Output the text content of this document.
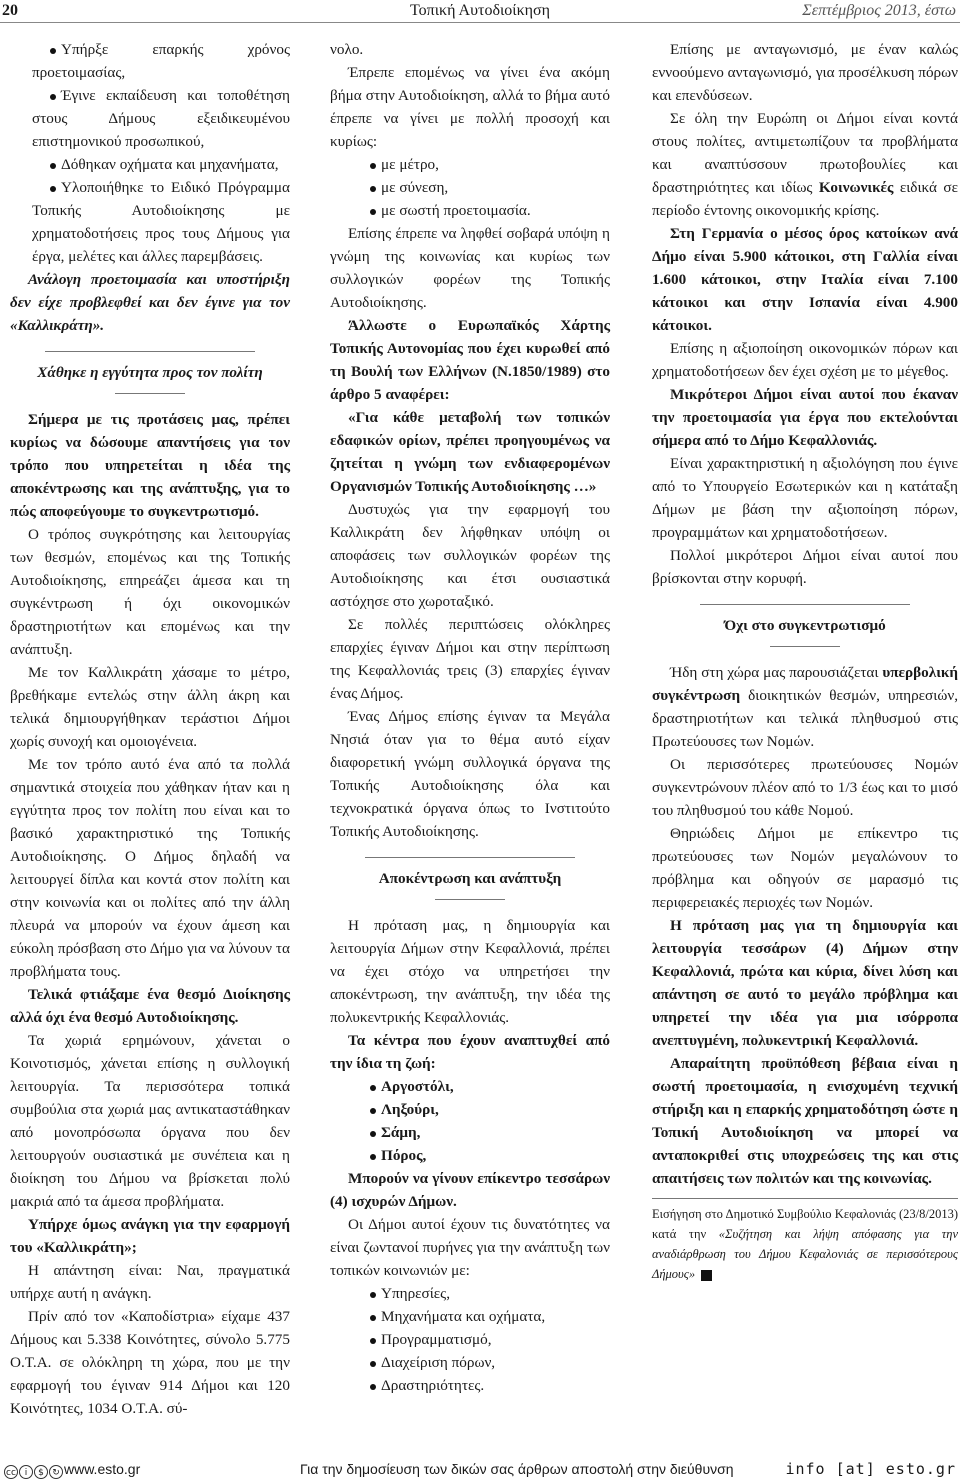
20	Τοπική Αυτοδιοίκηση	Σεπτέμβριος 2013, έστω

Υπήρξε επαρκής χρόνος προετοιμασίας,

Έγινε εκπαίδευση και τοποθέτηση στους Δήμους εξειδικευμένου επιστημονικού προσωπικού,

Δόθηκαν οχήματα και μηχανήματα,

Υλοποιήθηκε το Ειδικό Πρόγραμμα Τοπικής Αυτοδιοίκησης με χρηματοδοτήσεις προς τους Δήμους για έργα, μελέτες και άλλες παρεμβάσεις.

Ανάλογη προετοιμασία και υποστήριξη δεν είχε προβλεφθεί και δεν έγινε για τον «Καλλικράτη».

Χάθηκε η εγγύτητα προς τον πολίτη

Σήμερα με τις προτάσεις μας, πρέπει κυρίως να δώσουμε απαντήσεις για τον τρόπο που υπηρετείται η ιδέα της αποκέντρωσης και της ανάπτυξης, για το πώς αποφεύγουμε το συγκεντρωτισμό.

Ο τρόπος συγκρότησης και λειτουργίας των θεσμών, επομένως και της Τοπικής Αυτοδιοίκησης, επηρεάζει άμεσα και τη συγκέντρωση ή όχι οικονομικών δραστηριοτήτων και επομένως και την ανάπτυξη.

Με τον Καλλικράτη χάσαμε το μέτρο, βρεθήκαμε εντελώς στην άλλη άκρη και τελικά δημιουργήθηκαν τεράστιοι Δήμοι χωρίς συνοχή και ομοιογένεια.

Με τον τρόπο αυτό ένα από τα πολλά σημαντικά στοιχεία που χάθηκαν ήταν και η εγγύτητα προς τον πολίτη που είναι και το βασικό χαρακτηριστικό της Τοπικής Αυτοδιοίκησης. Ο Δήμος δηλαδή να λειτουργεί δίπλα και κοντά στον πολίτη και στην κοινωνία και οι πολίτες από την άλλη πλευρά να μπορούν να έχουν άμεση και εύκολη πρόσβαση στο Δήμο για να λύνουν τα προβλήματα τους.

Τελικά φτιάξαμε ένα θεσμό Διοίκησης αλλά όχι ένα θεσμό Αυτοδιοίκησης.

Τα χωριά ερημώνουν, χάνεται ο Κοινοτισμός, χάνεται επίσης η συλλογική λειτουργία. Τα περισσότερα τοπικά συμβούλια στα χωριά μας αντικαταστάθηκαν από μονοπρόσωπα όργανα που δεν λειτουργούν ουσιαστικά με συνέπεια και η διοίκηση του Δήμου να βρίσκεται πολύ μακριά από τα άμεσα προβλήματα.

Υπήρχε όμως ανάγκη για την εφαρμογή του «Καλλικράτη»;

Η απάντηση είναι: Ναι, πραγματικά υπήρχε αυτή η ανάγκη.

Πρίν από τον «Καποδίστρια» είχαμε 437 Δήμους και 5.338 Κοινότητες, σύνολο 5.775 Ο.Τ.Α. σε ολόκληρη τη χώρα, που με την εφαρμογή του έγιναν 914 Δήμοι και 120 Κοινότητες, 1034 Ο.Τ.Α. σύ-

νολο.

Έπρεπε επομένως να γίνει ένα ακόμη βήμα στην Αυτοδιοίκηση, αλλά το βήμα αυτό έπρεπε να γίνει με πολλή προσοχή και κυρίως:

με μέτρο,

με σύνεση,

με σωστή προετοιμασία.

Επίσης έπρεπε να ληφθεί σοβαρά υπόψη η γνώμη της κοινωνίας και κυρίως των συλλογικών φορέων της Τοπικής Αυτοδιοίκησης.

Άλλωστε ο Ευρωπαϊκός Χάρτης Τοπικής Αυτονομίας που έχει κυρωθεί από τη Βουλή των Ελλήνων (Ν.1850/1989) στο άρθρο 5 αναφέρει:

«Για κάθε μεταβολή των τοπικών εδαφικών ορίων, πρέπει προηγουμένως να ζητείται η γνώμη των ενδιαφερομένων Οργανισμών Τοπικής Αυτοδιοίκησης …»

Δυστυχώς για την εφαρμογή του Καλλικράτη δεν λήφθηκαν υπόψη οι αποφάσεις των συλλογικών φορέων της Αυτοδιοίκησης και έτσι ουσιαστικά αστόχησε στο χωροταξικό.

Σε πολλές περιπτώσεις ολόκληρες επαρχίες έγιναν Δήμοι και στην περίπτωση της Κεφαλλονιάς τρεις (3) επαρχίες έγιναν ένας Δήμος.

Ένας Δήμος επίσης έγιναν τα Μεγάλα Νησιά όταν για το θέμα αυτό είχαν διαφορετική γνώμη συλλογικά όργανα της Τοπικής Αυτοδιοίκησης όλα και τεχνοκρατικά όργανα όπως το Ινστιτούτο Τοπικής Αυτοδιοίκησης.

Αποκέντρωση και ανάπτυξη

Η πρόταση μας, η δημιουργία και λειτουργία Δήμων στην Κεφαλλονιά, πρέπει να έχει στόχο να υπηρετήσει την αποκέντρωση, την ανάπτυξη, την ιδέα της πολυκεντρικής Κεφαλλονιάς.

Τα κέντρα που έχουν αναπτυχθεί από την ίδια τη ζωή:

Αργοστόλι,

Ληξούρι,

Σάμη,

Πόρος,

Μπορούν να γίνουν επίκεντρο τεσσάρων (4) ισχυρών Δήμων.

Οι Δήμοι αυτοί έχουν τις δυνατότητες να είναι ζωντανοί πυρήνες για την ανάπτυξη των τοπικών κοινωνιών με:

Υπηρεσίες,

Μηχανήματα και οχήματα,

Προγραμματισμό,

Διαχείριση πόρων,

Δραστηριότητες.

Επίσης με ανταγωνισμό, με έναν καλώς εννοούμενο ανταγωνισμό, για προσέλκυση πόρων και επενδύσεων.

Σε όλη την Ευρώπη οι Δήμοι είναι κοντά στους πολίτες, αντιμετωπίζουν τα προβλήματα και αναπτύσσουν πρωτοβουλίες και δραστηριότητες και ιδίως Κοινωνικές ειδικά σε περίοδο έντονης οικονομικής κρίσης.

Στη Γερμανία ο μέσος όρος κατοίκων ανά Δήμο είναι 5.900 κάτοικοι, στη Γαλλία είναι 1.600 κάτοικοι, στην Ιταλία είναι 7.100 κάτοικοι και στην Ισπανία είναι 4.900 κάτοικοι.

Επίσης η αξιοποίηση οικονομικών πόρων και χρηματοδοτήσεων δεν έχει σχέση με το μέγεθος.

Μικρότεροι Δήμοι είναι αυτοί που έκαναν την προετοιμασία για έργα που εκτελούνται σήμερα από το Δήμο Κεφαλλονιάς.

Είναι χαρακτηριστική η αξιολόγηση που έγινε από το Υπουργείο Εσωτερικών και η κατάταξη Δήμων με βάση την αξιοποίηση πόρων, προγραμμάτων και χρηματοδοτήσεων.

Πολλοί μικρότεροι Δήμοι είναι αυτοί που βρίσκονται στην κορυφή.

Όχι στο συγκεντρωτισμό

Ήδη στη χώρα μας παρουσιάζεται υπερβολική συγκέντρωση διοικητικών θεσμών, υπηρεσιών, δραστηριοτήτων και τελικά πληθυσμού στις Πρωτεύουσες των Νομών.

Οι περισσότερες πρωτεύουσες Νομών συγκεντρώνουν πλέον από το 1/3 έως και το μισό του πληθυσμού του κάθε Νομού.

Θηριώδεις Δήμοι με επίκεντρο τις πρωτεύουσες των Νομών μεγαλώνουν το πρόβλημα και οδηγούν σε μαρασμό τις περιφερειακές περιοχές των Νομών.

Η πρόταση μας για τη δημιουργία και λειτουργία τεσσάρων (4) Δήμων στην Κεφαλλονιά, πρώτα και κύρια, δίνει λύση και απάντηση σε αυτό το μεγάλο πρόβλημα και υπηρετεί την ιδέα για μια ισόρροπα ανεπτυγμένη, πολυκεντρική Κεφαλλονιά.

Απαραίτητη προϋπόθεση βέβαια είναι η σωστή προετοιμασία, η ενισχυμένη τεχνική στήριξη και η επαρκής χρηματοδότηση ώστε η Τοπική Αυτοδιοίκηση να μπορεί να ανταποκριθεί στις υποχρεώσεις της και στις απαιτήσεις των πολιτών και της κοινωνίας.

Εισήγηση στο Δημοτικό Συμβούλιο Κεφαλονιάς (23/8/2013) κατά την «Συζήτηση και λήψη απόφασης για την αναδιάρθρωση του Δήμου Κεφαλονιάς σε περισσότερους Δήμους»
cc i $ ↻ www.esto.gr	Για την δημοσίευση των δικών σας άρθρων αποστολή στην διεύθυνση	info [at] esto.gr
